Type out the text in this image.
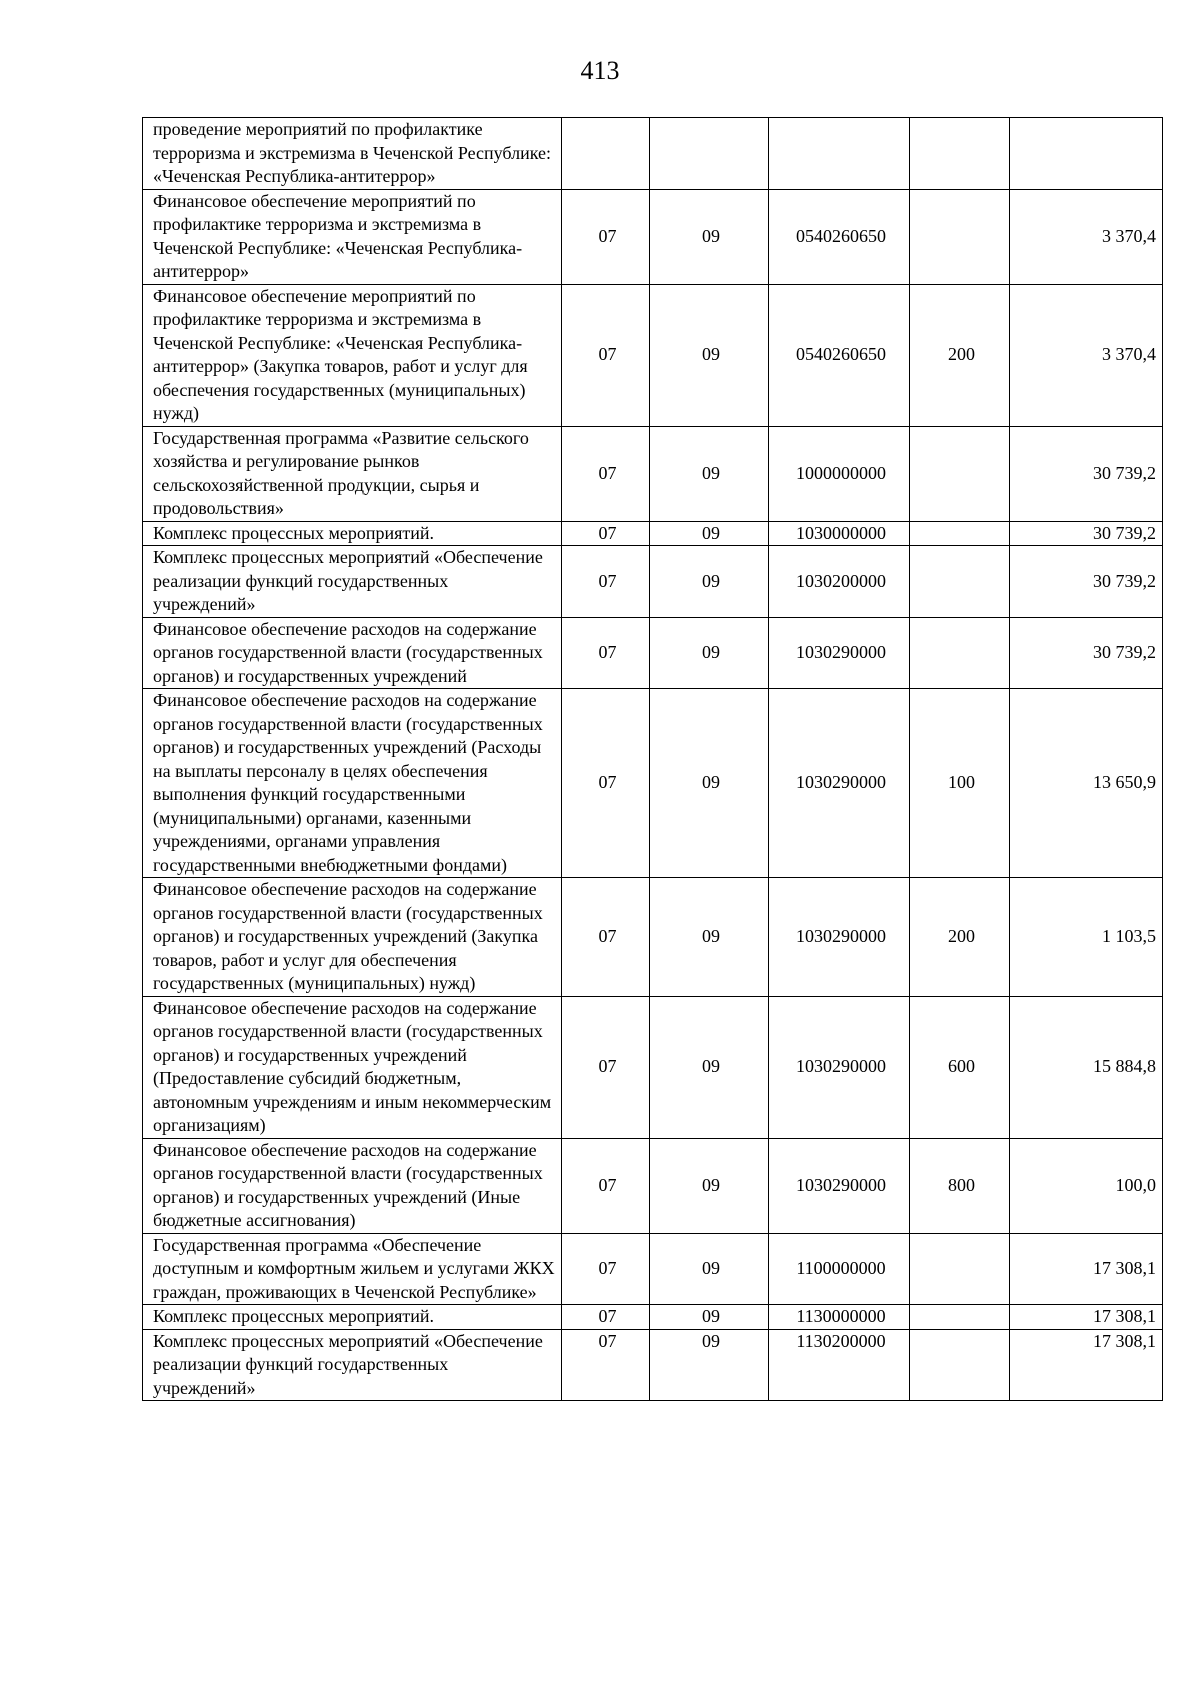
413
проведение мероприятий по профилактике терроризма и экстремизма в Чеченской Республике: «Чеченская Республика-антитеррор»					
Финансовое обеспечение мероприятий по профилактике терроризма и экстремизма в Чеченской Республике: «Чеченская Республика-антитеррор»	07	09	0540260650		3 370,4
Финансовое обеспечение мероприятий по профилактике терроризма и экстремизма в Чеченской Республике: «Чеченская Республика-антитеррор» (Закупка товаров, работ и услуг для обеспечения государственных (муниципальных) нужд)	07	09	0540260650	200	3 370,4
Государственная программа «Развитие сельского хозяйства и регулирование рынков сельскохозяйственной продукции, сырья и продовольствия»	07	09	1000000000		30 739,2
Комплекс процессных мероприятий.	07	09	1030000000		30 739,2
Комплекс процессных мероприятий «Обеспечение реализации функций государственных учреждений»	07	09	1030200000		30 739,2
Финансовое обеспечение расходов на содержание органов государственной власти (государственных органов) и государственных учреждений	07	09	1030290000		30 739,2
Финансовое обеспечение расходов на содержание органов государственной власти (государственных органов) и государственных учреждений (Расходы на выплаты персоналу в целях обеспечения выполнения функций государственными (муниципальными) органами, казенными учреждениями, органами управления государственными внебюджетными фондами)	07	09	1030290000	100	13 650,9
Финансовое обеспечение расходов на содержание органов государственной власти (государственных органов) и государственных учреждений (Закупка товаров, работ и услуг для обеспечения государственных (муниципальных) нужд)	07	09	1030290000	200	1 103,5
Финансовое обеспечение расходов на содержание органов государственной власти (государственных органов) и государственных учреждений (Предоставление субсидий бюджетным, автономным учреждениям и иным некоммерческим организациям)	07	09	1030290000	600	15 884,8
Финансовое обеспечение расходов на содержание органов государственной власти (государственных органов) и государственных учреждений (Иные бюджетные ассигнования)	07	09	1030290000	800	100,0
Государственная программа «Обеспечение доступным и комфортным жильем и услугами ЖКХ граждан, проживающих в Чеченской Республике»	07	09	1100000000		17 308,1
Комплекс процессных мероприятий.	07	09	1130000000		17 308,1
Комплекс процессных мероприятий «Обеспечение реализации функций государственных учреждений»	07	09	1130200000		17 308,1
